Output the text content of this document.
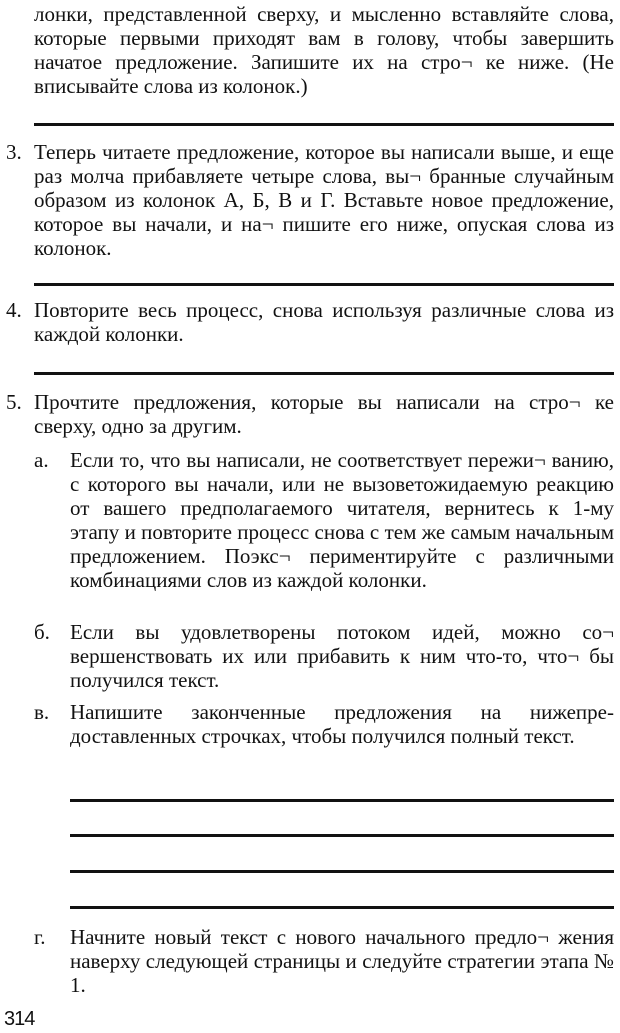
лонки, представленной сверху, и мысленно вставляйте слова, которые первыми приходят вам в голову, чтобы завершить начатое предложение. Запишите их на стро¬ ке ниже. (Не вписывайте слова из колонок.)
3. Теперь читаете предложение, которое вы написали выше, и еще раз молча прибавляете четыре слова, вы¬ бранные случайным образом из колонок А, Б, В и Г. Вставьте новое предложение, которое вы начали, и на¬ пишите его ниже, опуская слова из колонок.
4. Повторите весь процесс, снова используя различные слова из каждой колонки.
5. Прочтите предложения, которые вы написали на стро¬ ке сверху, одно за другим.
а. Если то, что вы написали, не соответствует пережи¬ ванию, с которого вы начали, или не вызоветожидаемую реакцию от вашего предполагаемого читателя, вернитесь к 1-му этапу и повторите процесс снова с тем же самым начальным предложением. Поэкс¬ периментируйте с различными комбинациями слов из каждой колонки.
б. Если вы удовлетворены потоком идей, можно со¬ вершенствовать их или прибавить к ним что-то, что¬ бы получился текст.
в. Напишите законченные предложения на нижепредоставленных строчках, чтобы получился полный текст.
г. Начните новый текст с нового начального предло¬ жения наверху следующей страницы и следуйте стратегии этапа № 1.
314
